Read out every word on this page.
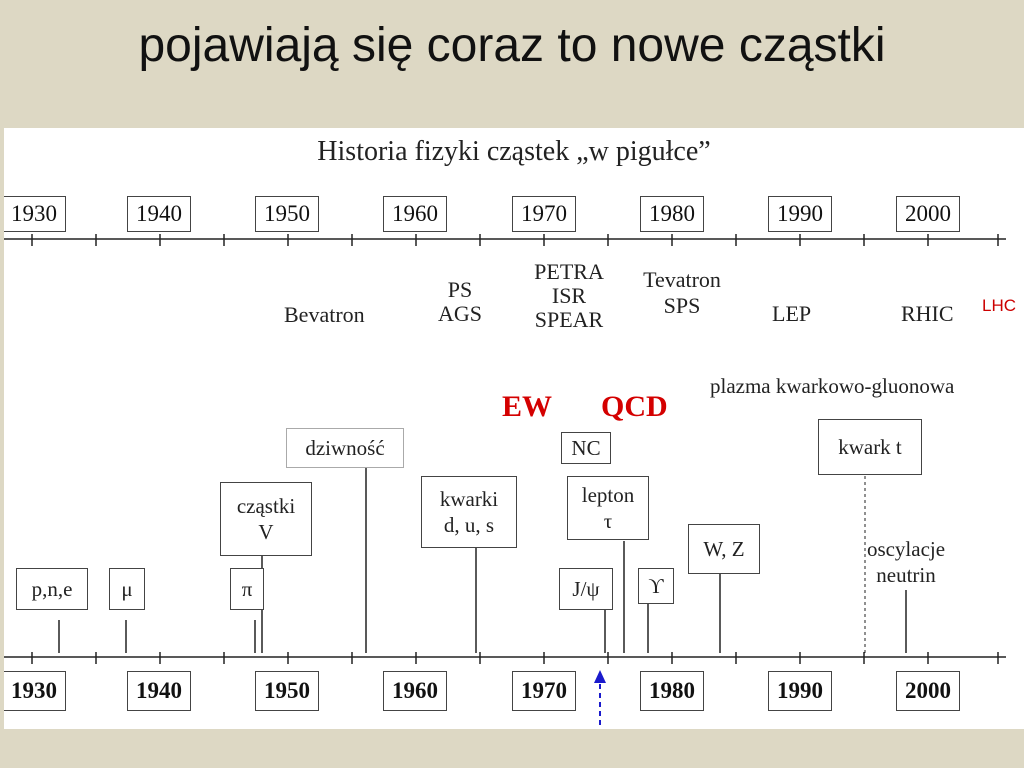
pojawiają się coraz to nowe cząstki
Historia fizyki cząstek „w pigułce”
1930	1940	1950	1960	1970	1980	1990	2000
Bevatron
PS
AGS
PETRA
ISR
SPEAR
Tevatron
SPS	LEP	RHIC LHC
EW QCD
plazma kwarkowo-gluonowa
dziwność	NC	kwark t
lepton
τ
kwarki
d, u, s
cząstki
V
W, Z	oscylacje
neutrin
p,n,e	μ	π	J/ψ	ϒ
1930	1940	1950	1960	1970	1980	1990	2000
